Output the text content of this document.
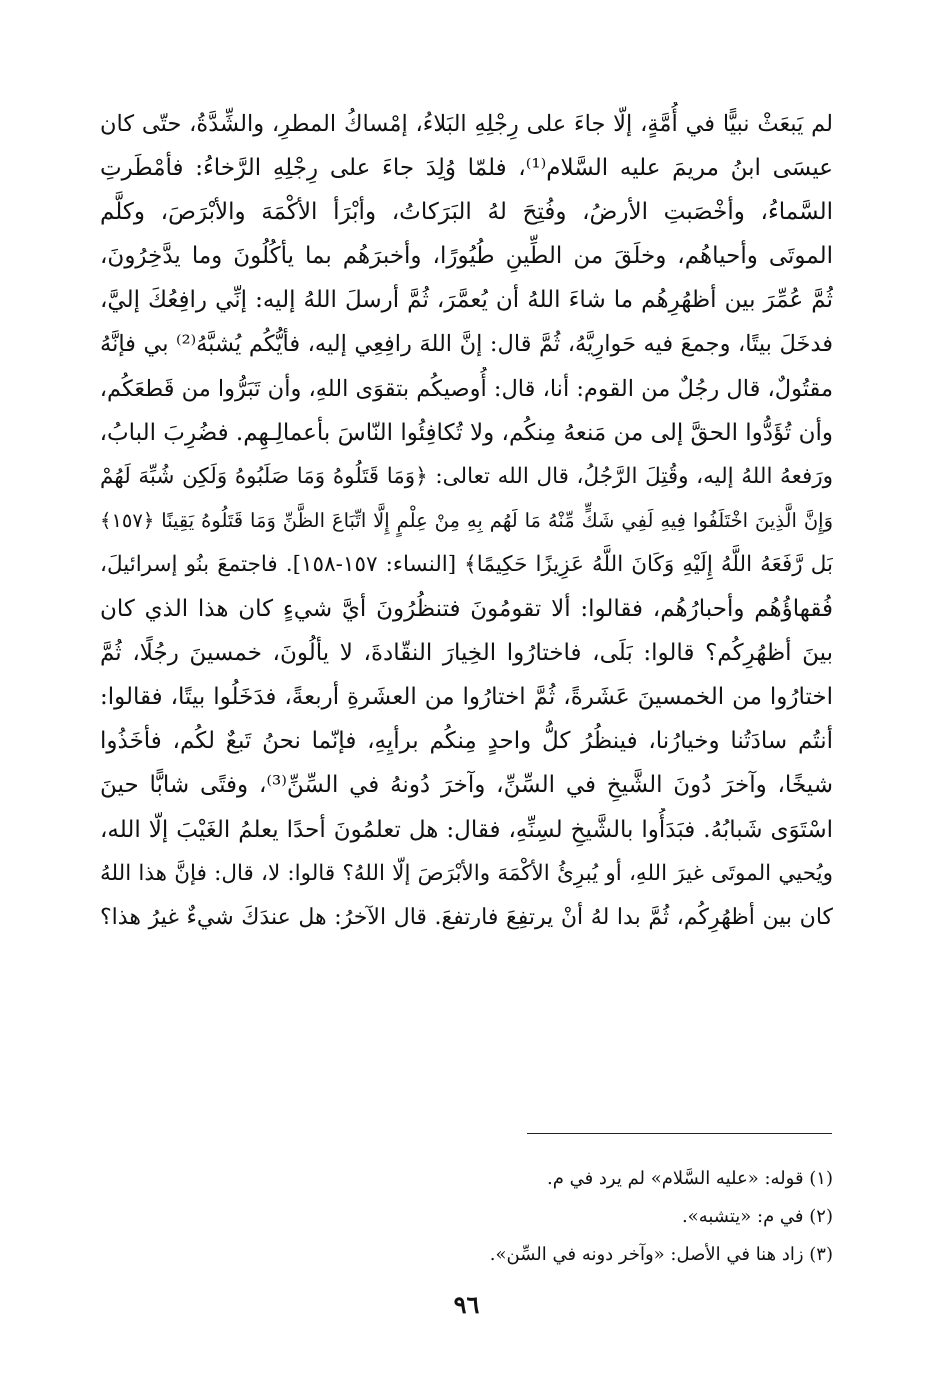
لم يَبعَثْ نبيًّا في أُمَّةٍ، إلّا جاءَ على رِجْلِهِ البَلاءُ، إمْساكُ المطرِ، والشِّدَّةُ، حتّى كان
عيسَى ابنُ مريمَ عليه السَّلام⁽¹⁾، فلمّا وُلِدَ جاءَ على رِجْلِهِ الرَّخاءُ: فأمْطَرتِ
السَّماءُ، وأخْصَبتِ الأرضُ، وفُتِحَ لهُ البَرَكاتُ، وأبْرَأ الأكْمَهَ والأبْرَصَ، وكلَّم
الموتَى وأحياهُم، وخلَقَ من الطِّينِ طُيُورًا، وأخبرَهُم بما يأكُلُونَ وما يدَّخِرُونَ،
ثُمَّ عُمِّرَ بين أظهُرِهُم ما شاءَ اللهُ أن يُعمَّرَ، ثُمَّ أرسلَ اللهُ إليه: إنِّي رافِعُكَ إليَّ،
فدخَلَ بيتًا، وجمعَ فيه حَوارِيَّهُ، ثُمَّ قال: إنَّ اللهَ رافِعِي إليه، فأيُّكُم يُشبَّهُ⁽²⁾ بي فإنَّهُ
مقتُولٌ، قال رجُلٌ من القوم: أنا، قال: أُوصيكُم بتقوَى اللهِ، وأن تَبَرُّوا من قَطعَكُم،
وأن تُؤَدُّوا الحقَّ إلى من مَنعهُ مِنكُم، ولا تُكافِئُوا النّاسَ بأعمالِـهِم. فضُرِبَ البابُ،
ورَفعهُ اللهُ إليه، وقُتِلَ الرَّجُلُ، قال الله تعالى: ﴿وَمَا قَتَلُوهُ وَمَا صَلَبُوهُ وَلَكِن شُبِّهَ لَهُمْ
وَإِنَّ الَّذِينَ اخْتَلَفُوا فِيهِ لَفِي شَكٍّ مِّنْهُ مَا لَهُم بِهِ مِنْ عِلْمٍ إِلَّا اتِّبَاعَ الظَّنِّ وَمَا قَتَلُوهُ يَقِينًا ﴿١٥٧﴾
بَل رَّفَعَهُ اللَّهُ إِلَيْهِ وَكَانَ اللَّهُ عَزِيزًا حَكِيمًا﴾ [النساء: ١٥٧-١٥٨]. فاجتمعَ بنُو إسرائيلَ،
فُقهاؤُهُم وأحبارُهُم، فقالوا: ألا تقومُونَ فتنظُرُونَ أيَّ شيءٍ كان هذا الذي كان
بينَ أظهُرِكُم؟ قالوا: بَلَى، فاختارُوا الخِيارَ النقّادةَ، لا يألُونَ، خمسينَ رجُلًا، ثُمَّ
اختارُوا من الخمسينَ عَشَرةً، ثُمَّ اختارُوا من العشَرةِ أربعةً، فدَخَلُوا بيتًا، فقالوا:
أنتُم سادَتُنا وخيارُنا، فينظُرُ كلُّ واحدٍ مِنكُم برأيِهِ، فإنّما نحنُ تَبعٌ لكُم، فأخَذُوا
شيخًا، وآخرَ دُونَ الشَّيخِ في السِّنِّ، وآخرَ دُونهُ في السِّنِّ⁽³⁾، وفتًى شابًّا حينَ
اسْتَوَى شَبابُهُ. فبَدَأُوا بالشَّيخِ لسِنِّهِ، فقال: هل تعلمُونَ أحدًا يعلمُ الغَيْبَ إلّا الله،
ويُحيي الموتَى غيرَ اللهِ، أو يُبرِئُ الأكْمَهَ والأبْرَصَ إلّا اللهُ؟ قالوا: لا، قال: فإنَّ هذا اللهُ
كان بين أظهُرِكُم، ثُمَّ بدا لهُ أنْ يرتفِعَ فارتفعَ. قال الآخرُ: هل عندَكَ شيءٌ غيرُ هذا؟
(١) قوله: «عليه السَّلام» لم يرد في م.
(٢) في م: «يتشبه».
(٣) زاد هنا في الأصل: «وآخر دونه في السِّن».
٩٦
